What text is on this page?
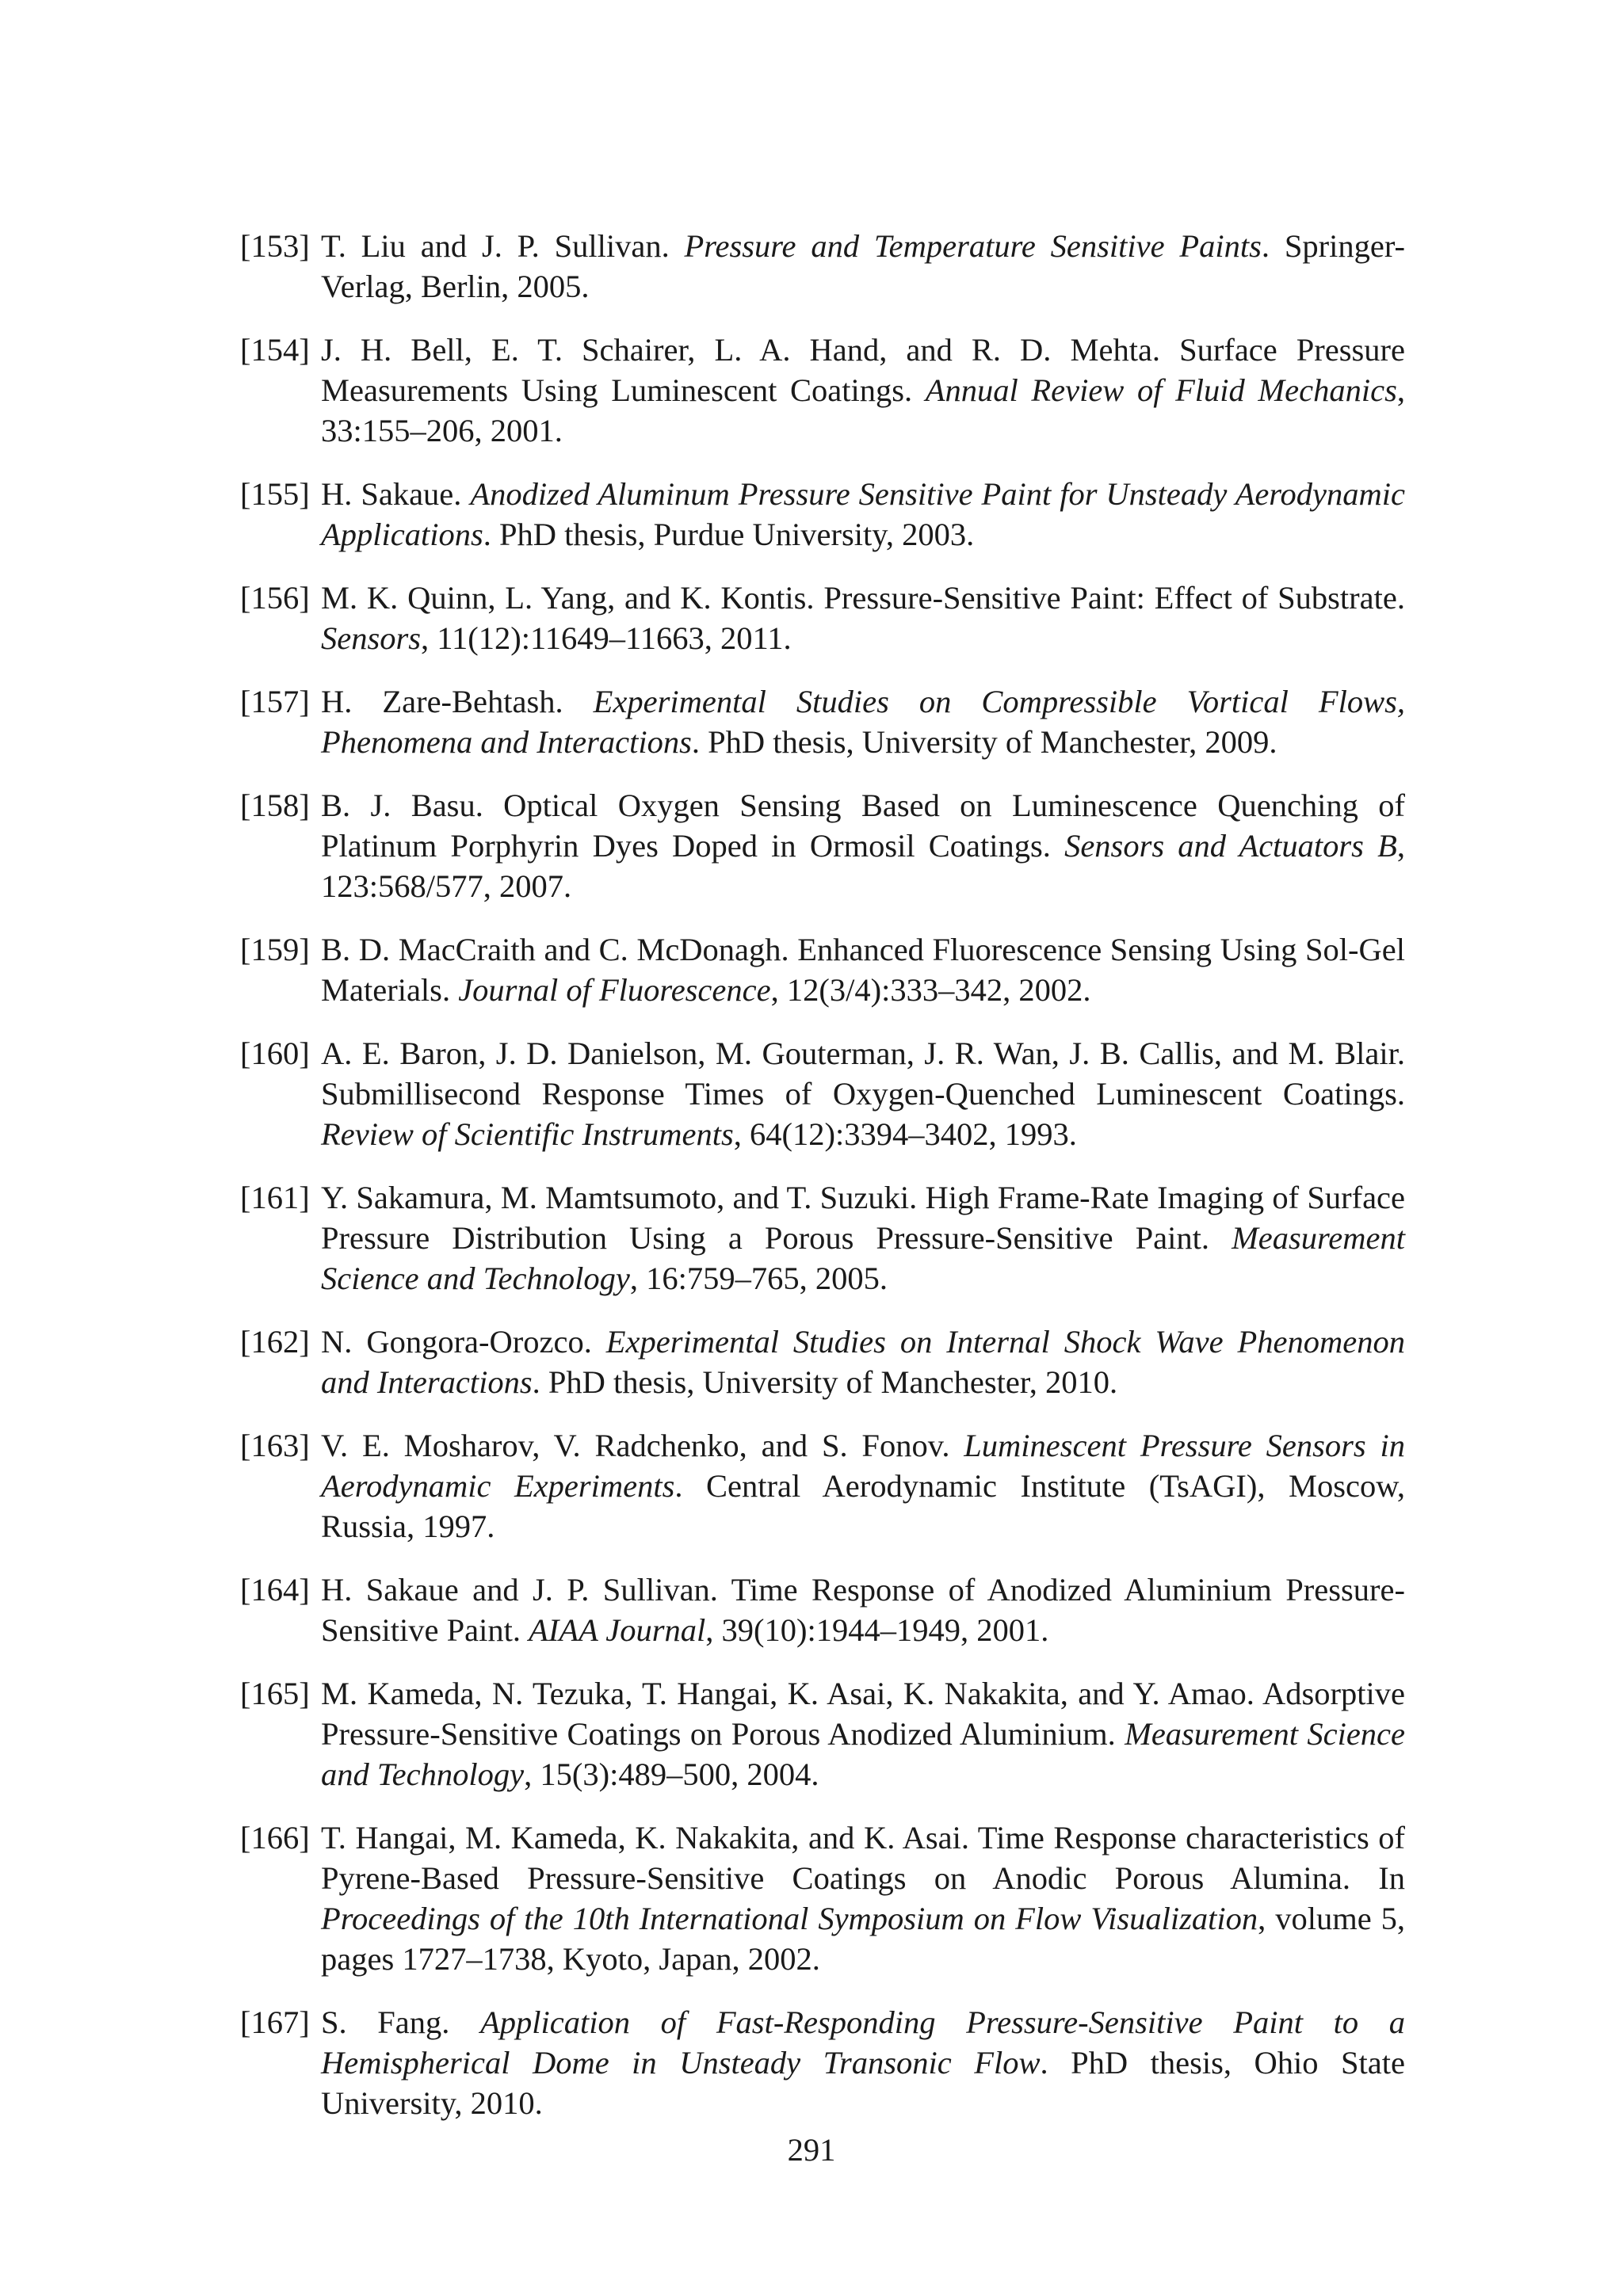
[153] T. Liu and J. P. Sullivan. Pressure and Temperature Sensitive Paints. Springer-Verlag, Berlin, 2005.
[154] J. H. Bell, E. T. Schairer, L. A. Hand, and R. D. Mehta. Surface Pressure Measurements Using Luminescent Coatings. Annual Review of Fluid Mechanics, 33:155–206, 2001.
[155] H. Sakaue. Anodized Aluminum Pressure Sensitive Paint for Unsteady Aerodynamic Applications. PhD thesis, Purdue University, 2003.
[156] M. K. Quinn, L. Yang, and K. Kontis. Pressure-Sensitive Paint: Effect of Substrate. Sensors, 11(12):11649–11663, 2011.
[157] H. Zare-Behtash. Experimental Studies on Compressible Vortical Flows, Phenomena and Interactions. PhD thesis, University of Manchester, 2009.
[158] B. J. Basu. Optical Oxygen Sensing Based on Luminescence Quenching of Platinum Porphyrin Dyes Doped in Ormosil Coatings. Sensors and Actuators B, 123:568/577, 2007.
[159] B. D. MacCraith and C. McDonagh. Enhanced Fluorescence Sensing Using Sol-Gel Materials. Journal of Fluorescence, 12(3/4):333–342, 2002.
[160] A. E. Baron, J. D. Danielson, M. Gouterman, J. R. Wan, J. B. Callis, and M. Blair. Submillisecond Response Times of Oxygen-Quenched Luminescent Coatings. Review of Scientific Instruments, 64(12):3394–3402, 1993.
[161] Y. Sakamura, M. Mamtsumoto, and T. Suzuki. High Frame-Rate Imaging of Surface Pressure Distribution Using a Porous Pressure-Sensitive Paint. Measurement Science and Technology, 16:759–765, 2005.
[162] N. Gongora-Orozco. Experimental Studies on Internal Shock Wave Phenomenon and Interactions. PhD thesis, University of Manchester, 2010.
[163] V. E. Mosharov, V. Radchenko, and S. Fonov. Luminescent Pressure Sensors in Aerodynamic Experiments. Central Aerodynamic Institute (TsAGI), Moscow, Russia, 1997.
[164] H. Sakaue and J. P. Sullivan. Time Response of Anodized Aluminium Pressure-Sensitive Paint. AIAA Journal, 39(10):1944–1949, 2001.
[165] M. Kameda, N. Tezuka, T. Hangai, K. Asai, K. Nakakita, and Y. Amao. Adsorptive Pressure-Sensitive Coatings on Porous Anodized Aluminium. Measurement Science and Technology, 15(3):489–500, 2004.
[166] T. Hangai, M. Kameda, K. Nakakita, and K. Asai. Time Response characteristics of Pyrene-Based Pressure-Sensitive Coatings on Anodic Porous Alumina. In Proceedings of the 10th International Symposium on Flow Visualization, volume 5, pages 1727–1738, Kyoto, Japan, 2002.
[167] S. Fang. Application of Fast-Responding Pressure-Sensitive Paint to a Hemispherical Dome in Unsteady Transonic Flow. PhD thesis, Ohio State University, 2010.
291
